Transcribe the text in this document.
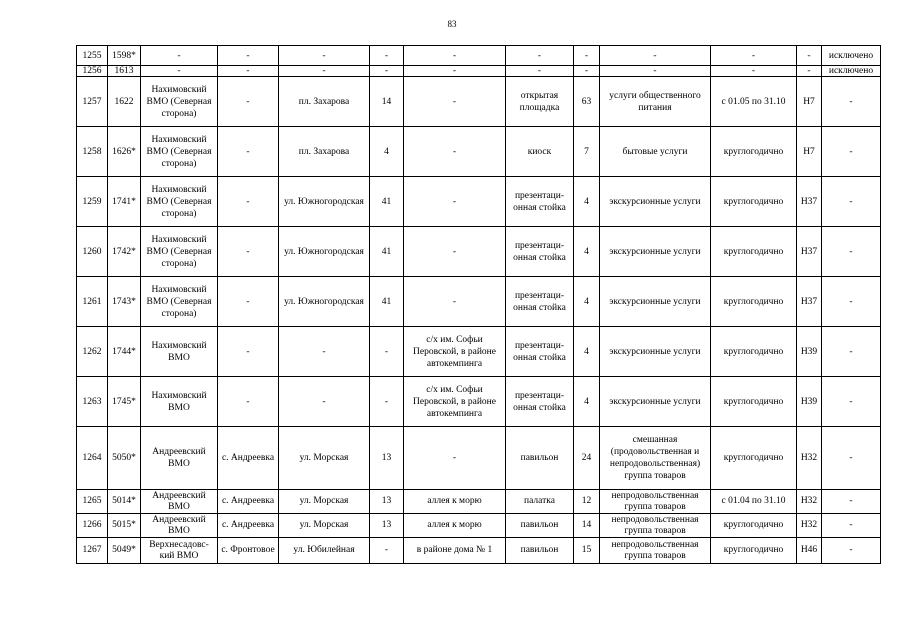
83
1255	1598*	-	-	-	-	-	-	-	-	-	-	исключено
1256	1613	-	-	-	-	-	-	-	-	-	-	исключено
1257	1622	Нахимовский
ВМО (Северная
сторона)	-	пл. Захарова	14	-	открытая
площадка	63	услуги общественного
питания	с 01.05 по 31.10	Н7	-
1258	1626*	Нахимовский
ВМО (Северная
сторона)	-	пл. Захарова	4	-	киоск	7	бытовые услуги	круглогодично	Н7	-
1259	1741*	Нахимовский
ВМО (Северная
сторона)	-	ул. Южногородская	41	-	презентаци-
онная стойка	4	экскурсионные услуги	круглогодично	Н37	-
1260	1742*	Нахимовский
ВМО (Северная
сторона)	-	ул. Южногородская	41	-	презентаци-
онная стойка	4	экскурсионные услуги	круглогодично	Н37	-
1261	1743*	Нахимовский
ВМО (Северная
сторона)	-	ул. Южногородская	41	-	презентаци-
онная стойка	4	экскурсионные услуги	круглогодично	Н37	-
1262	1744*	Нахимовский
ВМО	-	-	-	с/х им. Софьи
Перовской, в районе
автокемпинга	презентаци-
онная стойка	4	экскурсионные услуги	круглогодично	Н39	-
1263	1745*	Нахимовский
ВМО	-	-	-	с/х им. Софьи
Перовской, в районе
автокемпинга	презентаци-
онная стойка	4	экскурсионные услуги	круглогодично	Н39	-
1264	5050*	Андреевский
ВМО	с. Андреевка	ул. Морская	13	-	павильон	24	смешанная
(продовольственная и
непродовольственная)
группа товаров	круглогодично	Н32	-
1265	5014*	Андреевский
ВМО	с. Андреевка	ул. Морская	13	аллея к морю	палатка	12	непродовольственная
группа товаров	с 01.04 по 31.10	Н32	-
1266	5015*	Андреевский
ВМО	с. Андреевка	ул. Морская	13	аллея к морю	павильон	14	непродовольственная
группа товаров	круглогодично	Н32	-
1267	5049*	Верхнесадовс-
кий ВМО	с. Фронтовое	ул. Юбилейная	-	в районе дома № 1	павильон	15	непродовольственная
группа товаров	круглогодично	Н46	-
